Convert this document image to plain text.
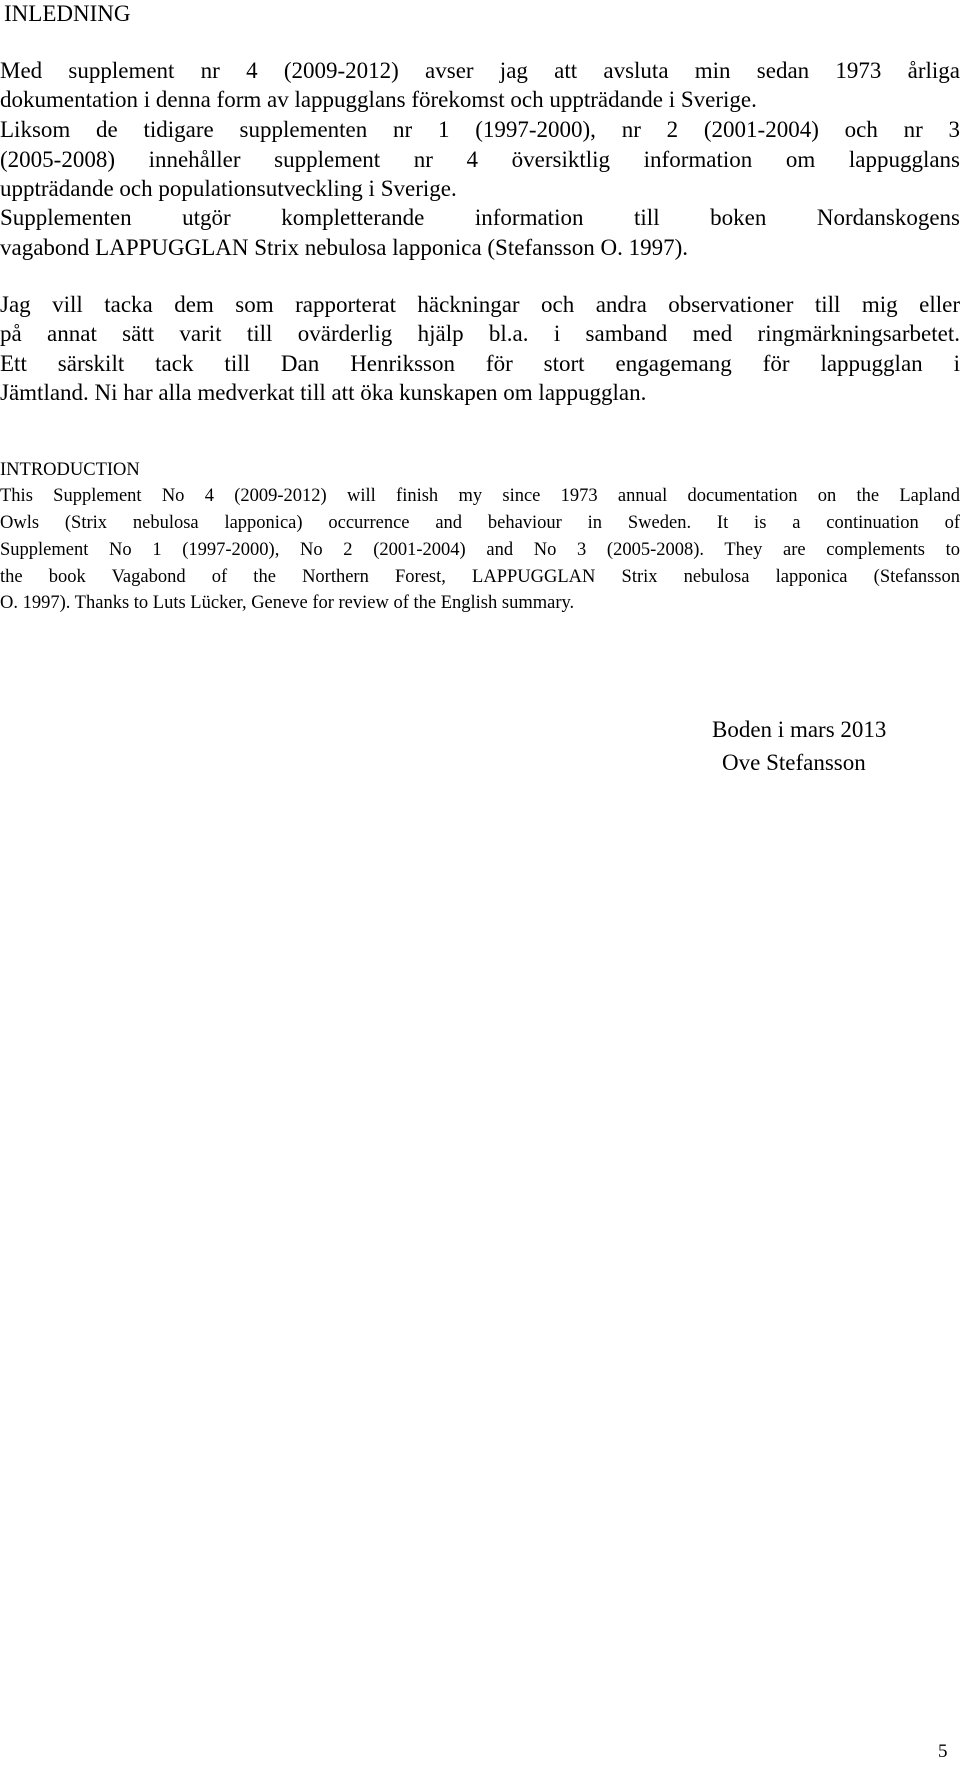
INLEDNING
Med supplement nr 4 (2009-2012) avser jag att avsluta min sedan 1973 årliga
dokumentation i denna form av lappugglans förekomst och uppträdande i Sverige.
Liksom de tidigare supplementen nr 1 (1997-2000), nr 2 (2001-2004) och nr 3
(2005-2008) innehåller supplement nr 4 översiktlig information om lappugglans
uppträdande och populationsutveckling i Sverige.
Supplementen utgör kompletterande information till boken Nordanskogens
vagabond LAPPUGGLAN Strix nebulosa lapponica (Stefansson O. 1997).
Jag vill tacka dem som rapporterat häckningar och andra observationer till mig eller
på annat sätt varit till ovärderlig hjälp bl.a. i samband med ringmärkningsarbetet.
Ett särskilt tack till Dan Henriksson för stort engagemang för lappugglan i
Jämtland. Ni har alla medverkat till att öka kunskapen om lappugglan.
INTRODUCTION
This Supplement No 4 (2009-2012) will finish my since 1973 annual documentation on the Lapland
Owls (Strix nebulosa lapponica) occurrence and behaviour in Sweden. It is a continuation of
Supplement No 1 (1997-2000), No 2 (2001-2004) and No 3 (2005-2008). They are complements to
the book Vagabond of the Northern Forest, LAPPUGGLAN Strix nebulosa lapponica (Stefansson
O. 1997). Thanks to Luts Lücker, Geneve for review of the English summary.
Boden i mars 2013
Ove Stefansson
5
